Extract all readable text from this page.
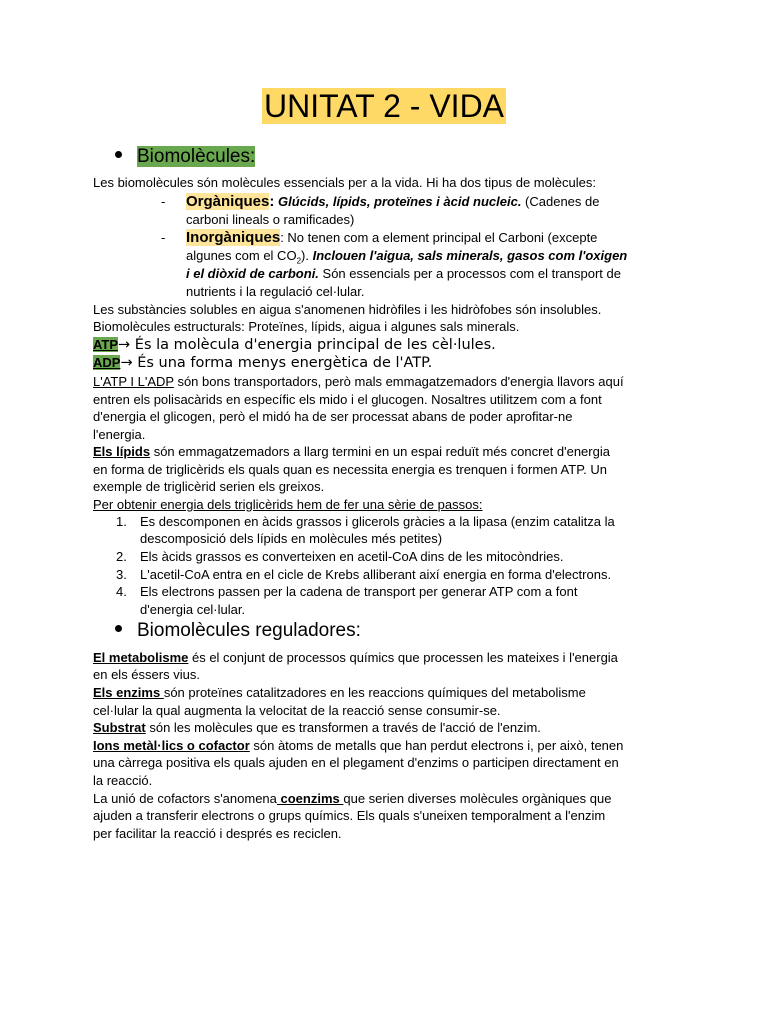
UNITAT 2 - VIDA
Biomolècules:
Les biomolècules són molècules essencials per a la vida. Hi ha dos tipus de molècules:
- Orgàniques: Glúcids, lípids, proteïnes i àcid nucleic. (Cadenes de
carboni lineals o ramificades)
- Inorgàniques: No tenen com a element principal el Carboni (excepte
algunes com el $CO_2$). Inclouen l'aigua, sals minerals, gasos com l'oxigen
i el diòxid de carboni. Són essencials per a processos com el transport de
nutrients i la regulació cel·lular.
Les substàncies solubles en aigua s'anomenen hidròfiles i les hidròfobes són insolubles.
Biomolècules estructurals: Proteïnes, lípids, aigua i algunes sals minerals.
ATP→ És la molècula d'energia principal de les cèl·lules.
ADP→ És una forma menys energètica de l'ATP.
L'ATP I L'ADP són bons transportadors, però mals emmagatzemadors d'energia llavors aquí
entren els polisacàrids en específic els mido i el glucogen. Nosaltres utilitzem com a font
d'energia el glicogen, però el midó ha de ser processat abans de poder aprofitar-ne
l'energia.
Els lípids són emmagatzemadors a llarg termini en un espai reduït més concret d'energia
en forma de triglicèrids els quals quan es necessita energia es trenquen i formen ATP. Un
exemple de triglicèrid serien els greixos.
Per obtenir energia dels triglicèrids hem de fer una sèrie de passos:
1. Es descomponen en àcids grassos i glicerols gràcies a la lipasa (enzim catalitza la
descomposició dels lípids en molècules més petites)
2. Els àcids grassos es converteixen en acetil-CoA dins de les mitocòndries.
3. L'acetil-CoA entra en el cicle de Krebs alliberant així energia en forma d'electrons.
4. Els electrons passen per la cadena de transport per generar ATP com a font
d'energia cel·lular.
Biomolècules reguladores:
El metabolisme és el conjunt de processos químics que processen les mateixes i l'energia
en els éssers vius.
Els enzims són proteïnes catalitzadores en les reaccions químiques del metabolisme
cel·lular la qual augmenta la velocitat de la reacció sense consumir-se.
Substrat són les molècules que es transformen a través de l'acció de l'enzim.
Ions metàl·lics o cofactor són àtoms de metalls que han perdut electrons i, per això, tenen
una càrrega positiva els quals ajuden en el plegament d'enzims o participen directament en
la reacció.
La unió de cofactors s'anomena coenzims que serien diverses molècules orgàniques que
ajuden a transferir electrons o grups químics. Els quals s'uneixen temporalment a l'enzim
per facilitar la reacció i després es reciclen.
